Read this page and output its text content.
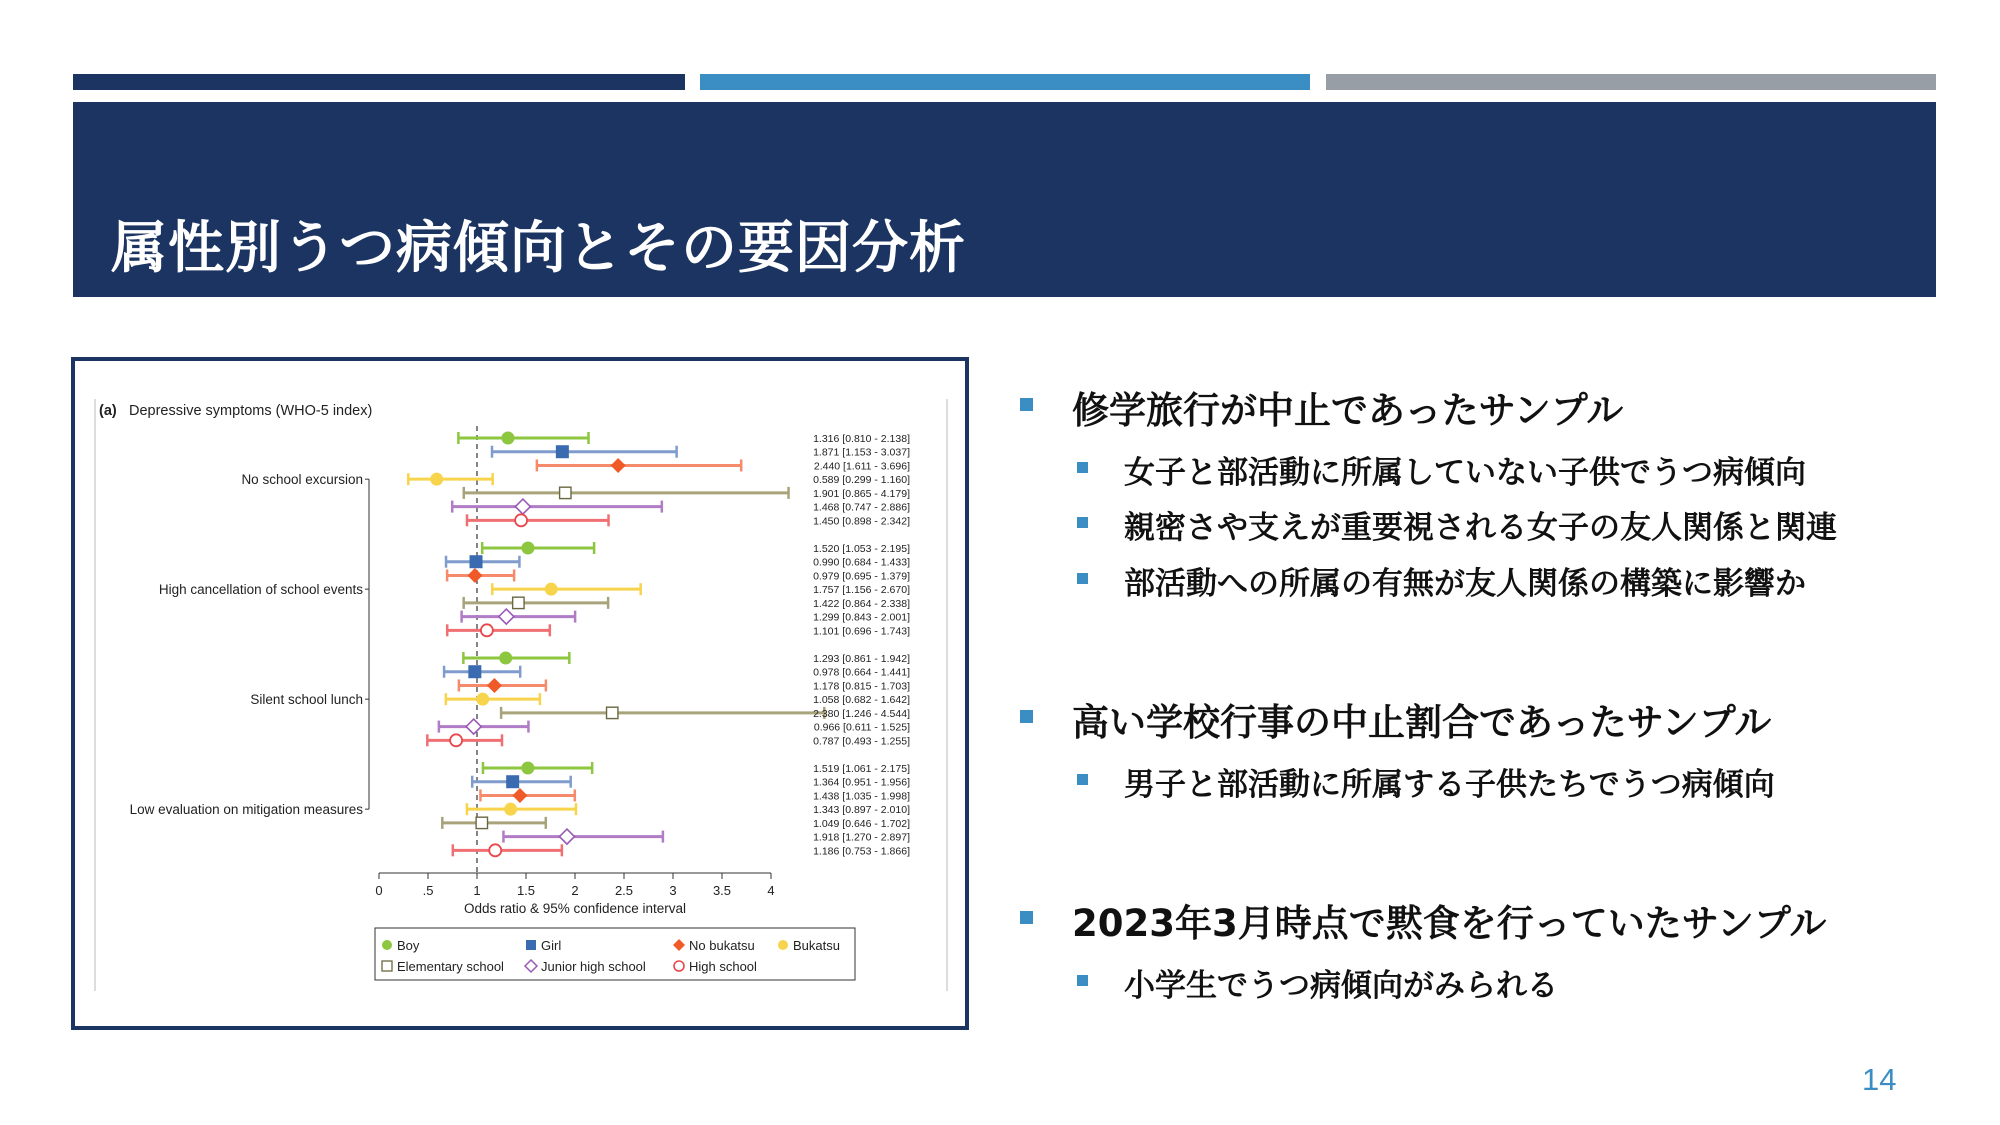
属性別うつ病傾向とその要因分析
(a) Depressive symptoms (WHO-5 index)
No school excursion
High cancellation of school events
Silent school lunch
Low evaluation on mitigation measures
1.316 [0.810 - 2.138]
1.871 [1.153 - 3.037]
2.440 [1.611 - 3.696]
0.589 [0.299 - 1.160]
1.901 [0.865 - 4.179]
1.468 [0.747 - 2.886]
1.450 [0.898 - 2.342]
1.520 [1.053 - 2.195]
0.990 [0.684 - 1.433]
0.979 [0.695 - 1.379]
1.757 [1.156 - 2.670]
1.422 [0.864 - 2.338]
1.299 [0.843 - 2.001]
1.101 [0.696 - 1.743]
1.293 [0.861 - 1.942]
0.978 [0.664 - 1.441]
1.178 [0.815 - 1.703]
1.058 [0.682 - 1.642]
2.380 [1.246 - 4.544]
0.966 [0.611 - 1.525]
0.787 [0.493 - 1.255]
1.519 [1.061 - 2.175]
1.364 [0.951 - 1.956]
1.438 [1.035 - 1.998]
1.343 [0.897 - 2.010]
1.049 [0.646 - 1.702]
1.918 [1.270 - 2.897]
1.186 [0.753 - 1.866]
0	.5	1	1.5	2	2.5	3	3.5	4
Odds ratio & 95% confidence interval
Boy	Girl	No bukatsu	Bukatsu
Elementary school	Junior high school	High school
修学旅行が中止であったサンプル
女子と部活動に所属していない子供でうつ病傾向
親密さや支えが重要視される女子の友人関係と関連
部活動への所属の有無が友人関係の構築に影響か
高い学校行事の中止割合であったサンプル
男子と部活動に所属する子供たちでうつ病傾向
2023年3月時点で黙食を行っていたサンプル
小学生でうつ病傾向がみられる
14
